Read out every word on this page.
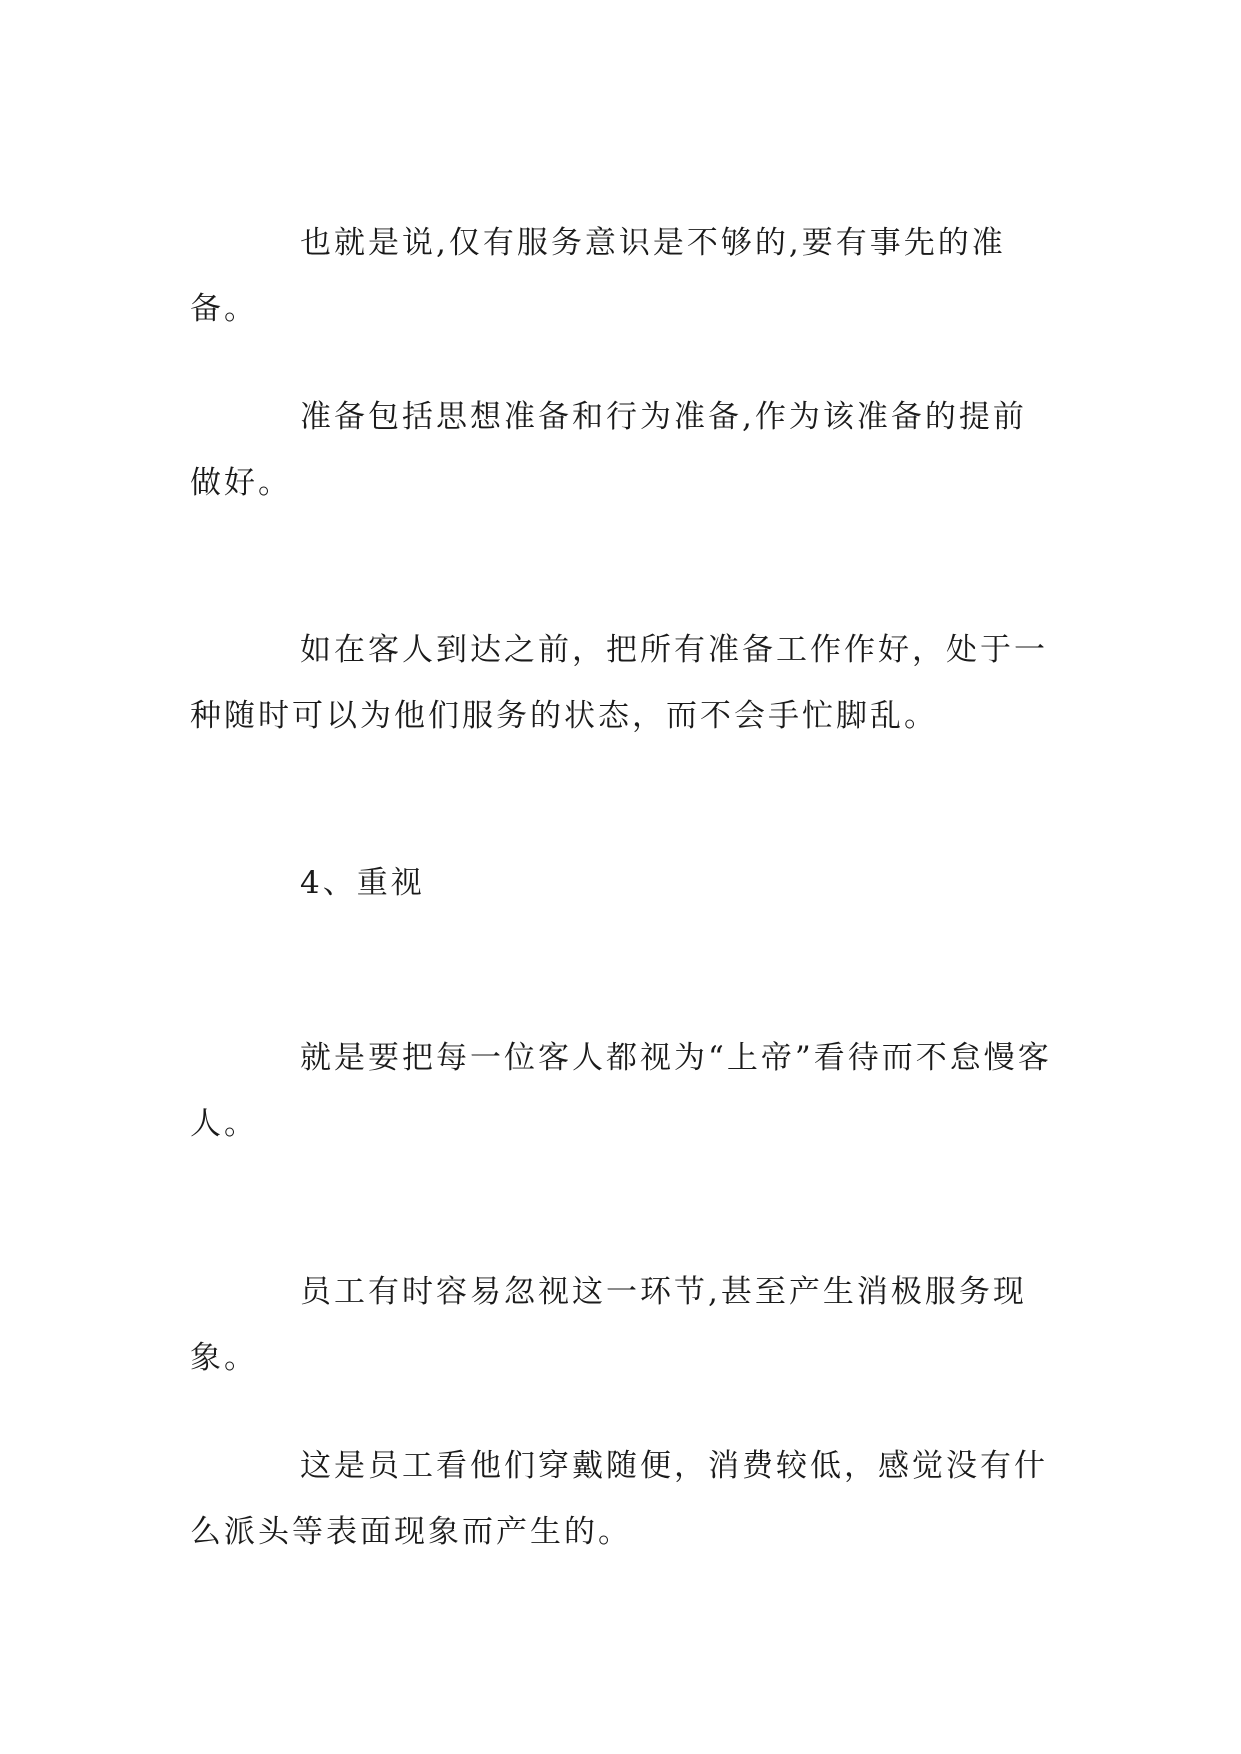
也就是说,仅有服务意识是不够的,要有事先的准备。

准备包括思想准备和行为准备,作为该准备的提前做好。

如在客人到达之前，把所有准备工作作好，处于一种随时可以为他们服务的状态，而不会手忙脚乱。

4、重视

就是要把每一位客人都视为“上帝”看待而不怠慢客人。

员工有时容易忽视这一环节,甚至产生消极服务现象。

这是员工看他们穿戴随便，消费较低，感觉没有什么派头等表面现象而产生的。
